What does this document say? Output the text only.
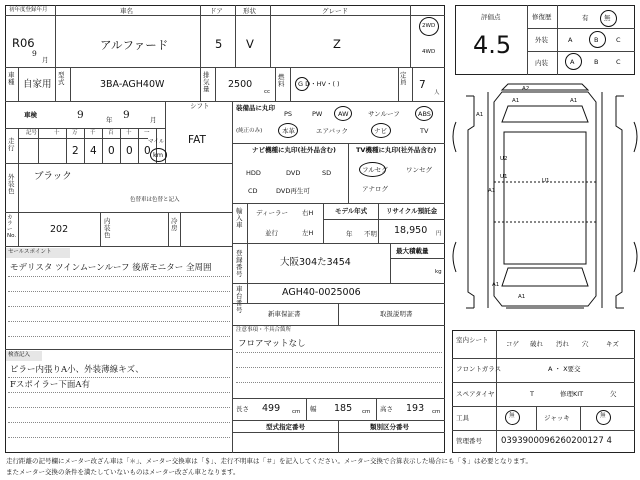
初年度登録年月
R06
9
月
車名
アルファード
ドア
5
形状
V
グレード
Z
2WD
4WD
車種 自家用
型式	3BA-AGH40W
排気量 2500
cc
燃料	G D・HV・( )
定員 7
人
車検	9	年 9	月
シフト
FAT
走行
記号	十 万 千 百 十 一
2 4 0 0 0
マイル
km
外装色
ブラック
色替車は色替と記入
カラーNo.
202
内装色
冷房
セールスポイント
モデリスタ ツインムーンルーフ 後席モニター 全周囲
検査記入
ピラー内張りA小、外装薄線キズ、
Fスポイラー下面A有
装備品に丸印
(純正のみ)
PS	PW AW	サンルーフ	ABS
本革	エアバック	ナビ	TV
ナビ機種に丸印(社外品含む)	TV機種に丸印(社外品含む)
HDD	DVD	SD
CD	DVD再生可
フルセグ	ワンセグ
アナログ
輸入車
ディーラー
並行
右H
左H
モデル年式
年 不明
リサイクル預託金
18,950 円
登録番号
大阪304た3454
最大積載量
kg
車台番号
AGH40-0025006
新車保証書	取扱説明書
注意事項・不具合箇所
フロアマットなし
長さ 499 cm 幅 185 cm 高さ 193 cm
型式指定番号	類別区分番号
評価点
4.5
修復歴	有 無
外装	A	B	C
内装	A	B	C
A1
A2
A1
A1
U2
U1
U1
A1
A1
A1
室内シート	コゲ 破れ 汚れ 穴	キズ
フロントガラス	A ・ X要交
スペアタイヤ	T	修理KIT	欠
工具	無	ジャッキ	無
管理番号 0393900096260200127 4
走行距離の記号欄にメーター改ざん車は「＊」、メーター交換車は「＄」、走行不明車は「＃」を記入してください。メーター交換で合算表示した場合にも「＄」は必要となります。
またメーター交換の条件を満たしていないものはメーター改ざん車となります。
